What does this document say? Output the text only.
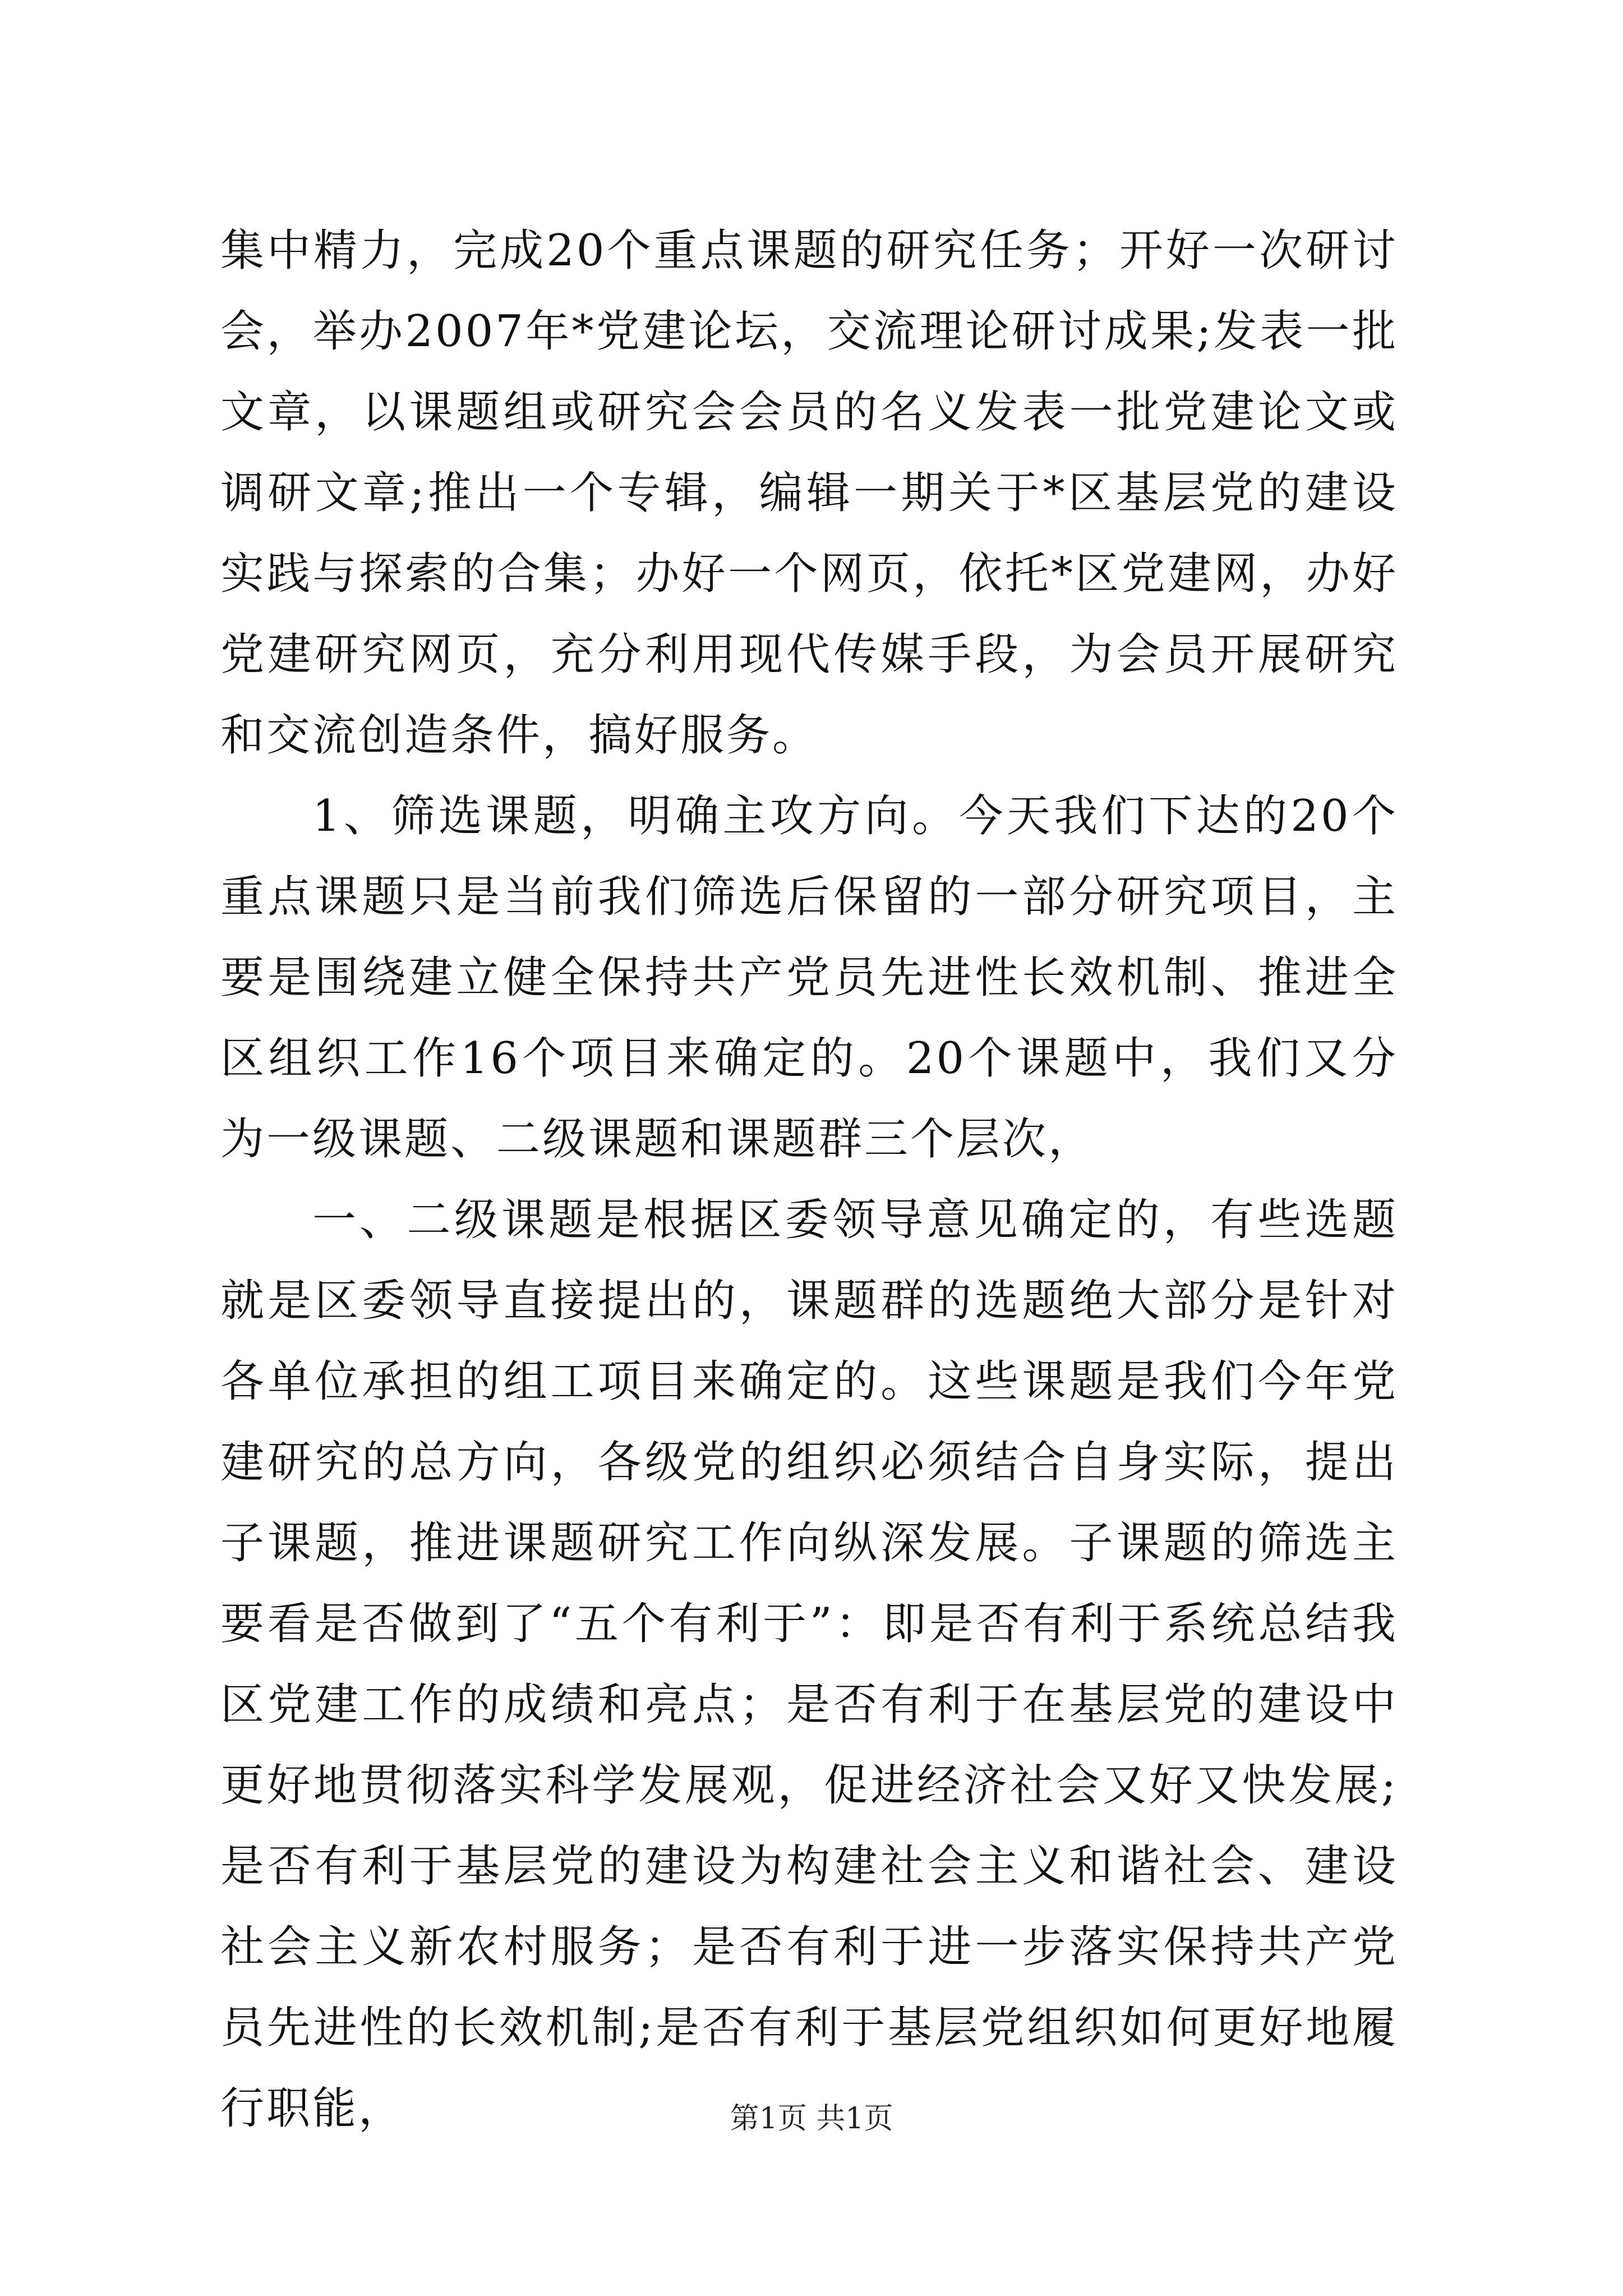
集中精力，完成20个重点课题的研究任务；开好一次研讨会，举办2007年*党建论坛，交流理论研讨成果;发表一批文章，以课题组或研究会会员的名义发表一批党建论文或调研文章;推出一个专辑，编辑一期关于*区基层党的建设实践与探索的合集；办好一个网页，依托*区党建网，办好党建研究网页，充分利用现代传媒手段，为会员开展研究和交流创造条件，搞好服务。

1、筛选课题，明确主攻方向。今天我们下达的20个重点课题只是当前我们筛选后保留的一部分研究项目，主要是围绕建立健全保持共产党员先进性长效机制、推进全区组织工作16个项目来确定的。20个课题中，我们又分为一级课题、二级课题和课题群三个层次，

一、二级课题是根据区委领导意见确定的，有些选题就是区委领导直接提出的，课题群的选题绝大部分是针对各单位承担的组工项目来确定的。这些课题是我们今年党建研究的总方向，各级党的组织必须结合自身实际，提出子课题，推进课题研究工作向纵深发展。子课题的筛选主要看是否做到了“五个有利于”：即是否有利于系统总结我区党建工作的成绩和亮点；是否有利于在基层党的建设中更好地贯彻落实科学发展观，促进经济社会又好又快发展;是否有利于基层党的建设为构建社会主义和谐社会、建设社会主义新农村服务；是否有利于进一步落实保持共产党员先进性的长效机制;是否有利于基层党组织如何更好地履行职能，	第1页 共1页
